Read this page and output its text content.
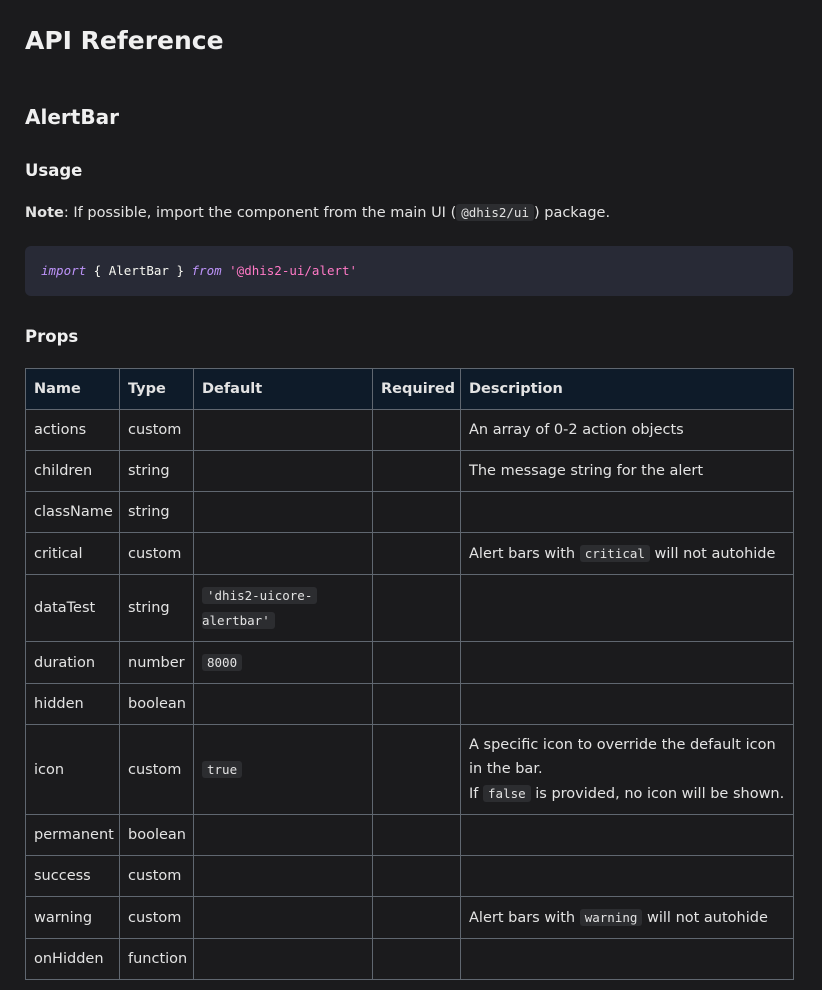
API Reference
AlertBar
Usage

Note: If possible, import the component from the main UI ( @dhis2/ui ) package.

import { AlertBar } from '@dhis2-ui/alert'
Props
Name	Type	Default	Required	Description
actions	custom			An array of 0-2 action objects
children	string			The message string for the alert
className	string			
critical	custom			Alert bars with critical will not autohide
dataTest	string	'dhis2-uicore-
alertbar'		
duration	number	8000		
hidden	boolean			
icon	custom	true		A specific icon to override the default icon in the bar.
If false is provided, no icon will be shown.
permanent	boolean			
success	custom			
warning	custom			Alert bars with warning will not autohide
onHidden	function			
